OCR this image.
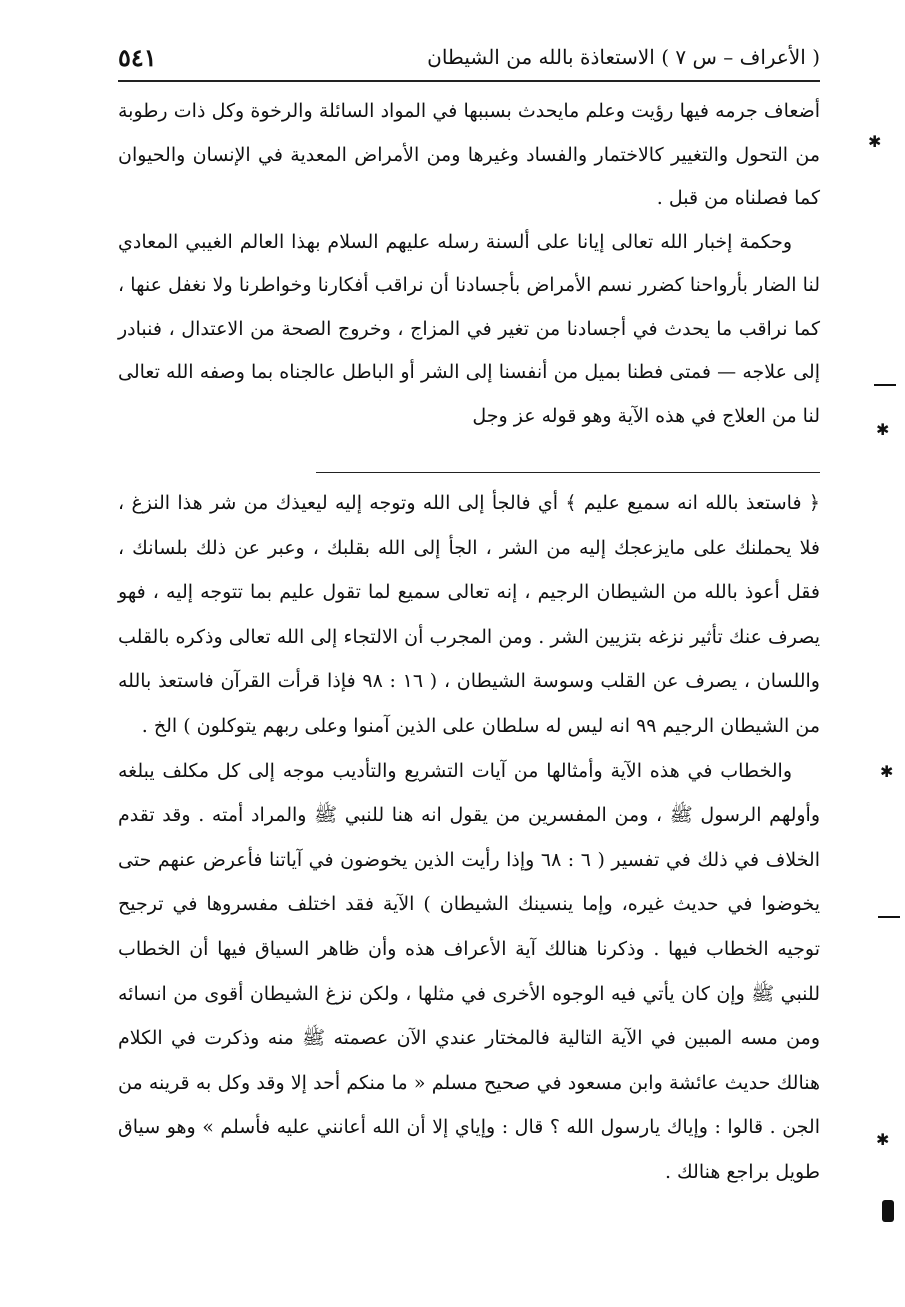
( الأعراف – س ٧ ) الاستعاذة بالله من الشيطان
٥٤١

أضعاف جرمه فيها رؤيت وعلم مايحدث بسببها في المواد السائلة والرخوة وكل ذات رطوبة من التحول والتغيير كالاختمار والفساد وغيرها ومن الأمراض المعدية في الإنسان والحيوان كما فصلناه من قبل .

وحكمة إخبار الله تعالى إيانا على ألسنة رسله عليهم السلام بهذا العالم الغيبي المعادي لنا الضار بأرواحنا كضرر نسم الأمراض بأجسادنا أن نراقب أفكارنا وخواطرنا ولا نغفل عنها ، كما نراقب ما يحدث في أجسادنا من تغير في المزاج ، وخروج الصحة من الاعتدال ، فنبادر إلى علاجه — فمتى فطنا بميل من أنفسنا إلى الشر أو الباطل عالجناه بما وصفه الله تعالى لنا من العلاج في هذه الآية وهو قوله عز وجل

﴿ فاستعذ بالله انه سميع عليم ﴾ أي فالجأ إلى الله وتوجه إليه ليعيذك من شر هذا النزغ ، فلا يحملنك على مايزعجك إليه من الشر ، الجأ إلى الله بقلبك ، وعبر عن ذلك بلسانك ، فقل أعوذ بالله من الشيطان الرجيم ، إنه تعالى سميع لما تقول عليم بما تتوجه إليه ، فهو يصرف عنك تأثير نزغه بتزيين الشر . ومن المجرب أن الالتجاء إلى الله تعالى وذكره بالقلب واللسان ، يصرف عن القلب وسوسة الشيطان ، ( ١٦ : ٩٨ فإذا قرأت القرآن فاستعذ بالله من الشيطان الرجيم ٩٩ انه ليس له سلطان على الذين آمنوا وعلى ربهم يتوكلون ) الخ .

والخطاب في هذه الآية وأمثالها من آيات التشريع والتأديب موجه إلى كل مكلف يبلغه وأولهم الرسول ﷺ ، ومن المفسرين من يقول انه هنا للنبي ﷺ والمراد أمته . وقد تقدم الخلاف في ذلك في تفسير ( ٦ : ٦٨ وإذا رأيت الذين يخوضون في آياتنا فأعرض عنهم حتى يخوضوا في حديث غيره، وإما ينسينك الشيطان ) الآية فقد اختلف مفسروها في ترجيح توجيه الخطاب فيها . وذكرنا هنالك آية الأعراف هذه وأن ظاهر السياق فيها أن الخطاب للنبي ﷺ وإن كان يأتي فيه الوجوه الأخرى في مثلها ، ولكن نزغ الشيطان أقوى من انسائه ومن مسه المبين في الآية التالية فالمختار عندي الآن عصمته ﷺ منه وذكرت في الكلام هنالك حديث عائشة وابن مسعود في صحيح مسلم « ما منكم أحد إلا وقد وكل به قرينه من الجن . قالوا : وإياك يارسول الله ؟ قال : وإياي إلا أن الله أعانني عليه فأسلم » وهو سياق طويل براجع هنالك .

✱
✱
✱
✱
